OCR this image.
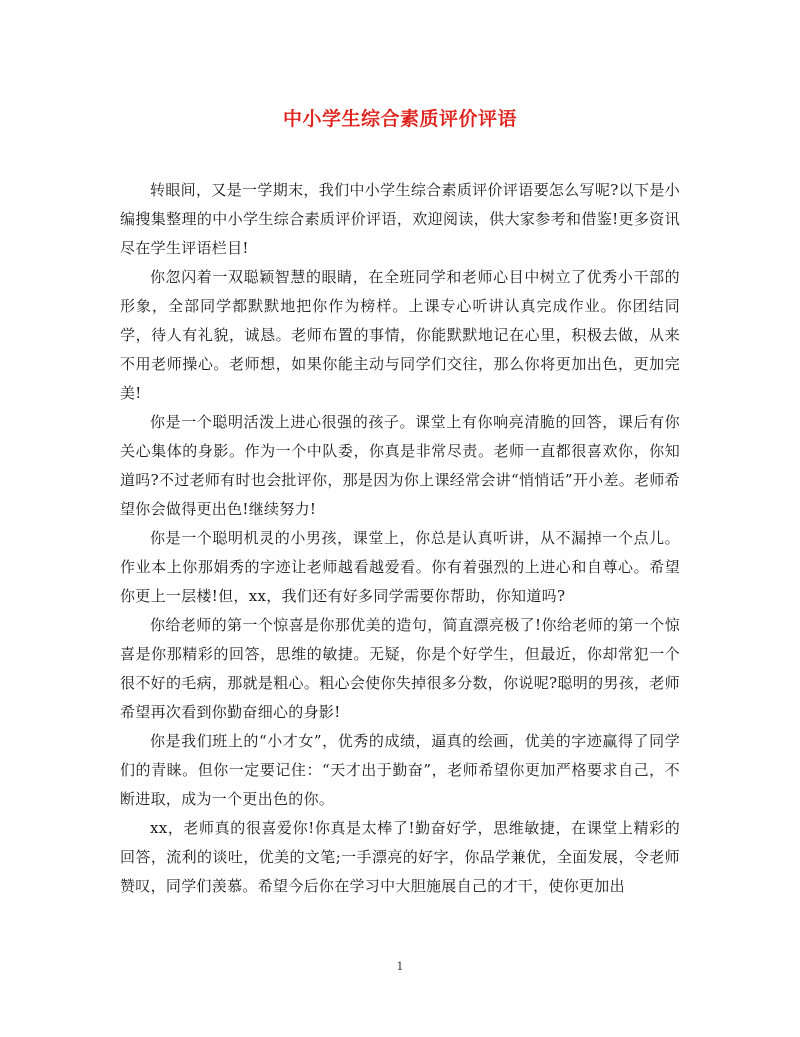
中小学生综合素质评价评语

转眼间，又是一学期末，我们中小学生综合素质评价评语要怎么写呢?以下是小编搜集整理的中小学生综合素质评价评语，欢迎阅读，供大家参考和借鉴!更多资讯尽在学生评语栏目!

你忽闪着一双聪颖智慧的眼睛，在全班同学和老师心目中树立了优秀小干部的形象，全部同学都默默地把你作为榜样。上课专心听讲认真完成作业。你团结同学，待人有礼貌，诚恳。老师布置的事情，你能默默地记在心里，积极去做，从来不用老师操心。老师想，如果你能主动与同学们交往，那么你将更加出色，更加完美!

你是一个聪明活泼上进心很强的孩子。课堂上有你响亮清脆的回答，课后有你关心集体的身影。作为一个中队委，你真是非常尽责。老师一直都很喜欢你，你知道吗?不过老师有时也会批评你，那是因为你上课经常会讲“悄悄话”开小差。老师希望你会做得更出色!继续努力!

你是一个聪明机灵的小男孩，课堂上，你总是认真听讲，从不漏掉一个点儿。作业本上你那娟秀的字迹让老师越看越爱看。你有着强烈的上进心和自尊心。希望你更上一层楼!但，xx，我们还有好多同学需要你帮助，你知道吗?

你给老师的第一个惊喜是你那优美的造句，简直漂亮极了!你给老师的第一个惊喜是你那精彩的回答，思维的敏捷。无疑，你是个好学生，但最近，你却常犯一个很不好的毛病，那就是粗心。粗心会使你失掉很多分数，你说呢?聪明的男孩，老师希望再次看到你勤奋细心的身影!

你是我们班上的“小才女”，优秀的成绩，逼真的绘画，优美的字迹赢得了同学们的青睐。但你一定要记住：“天才出于勤奋”，老师希望你更加严格要求自己，不断进取，成为一个更出色的你。

xx，老师真的很喜爱你!你真是太棒了!勤奋好学，思维敏捷，在课堂上精彩的回答，流利的谈吐，优美的文笔;一手漂亮的好字，你品学兼优，全面发展，令老师赞叹，同学们羡慕。希望今后你在学习中大胆施展自己的才干，使你更加出

1
